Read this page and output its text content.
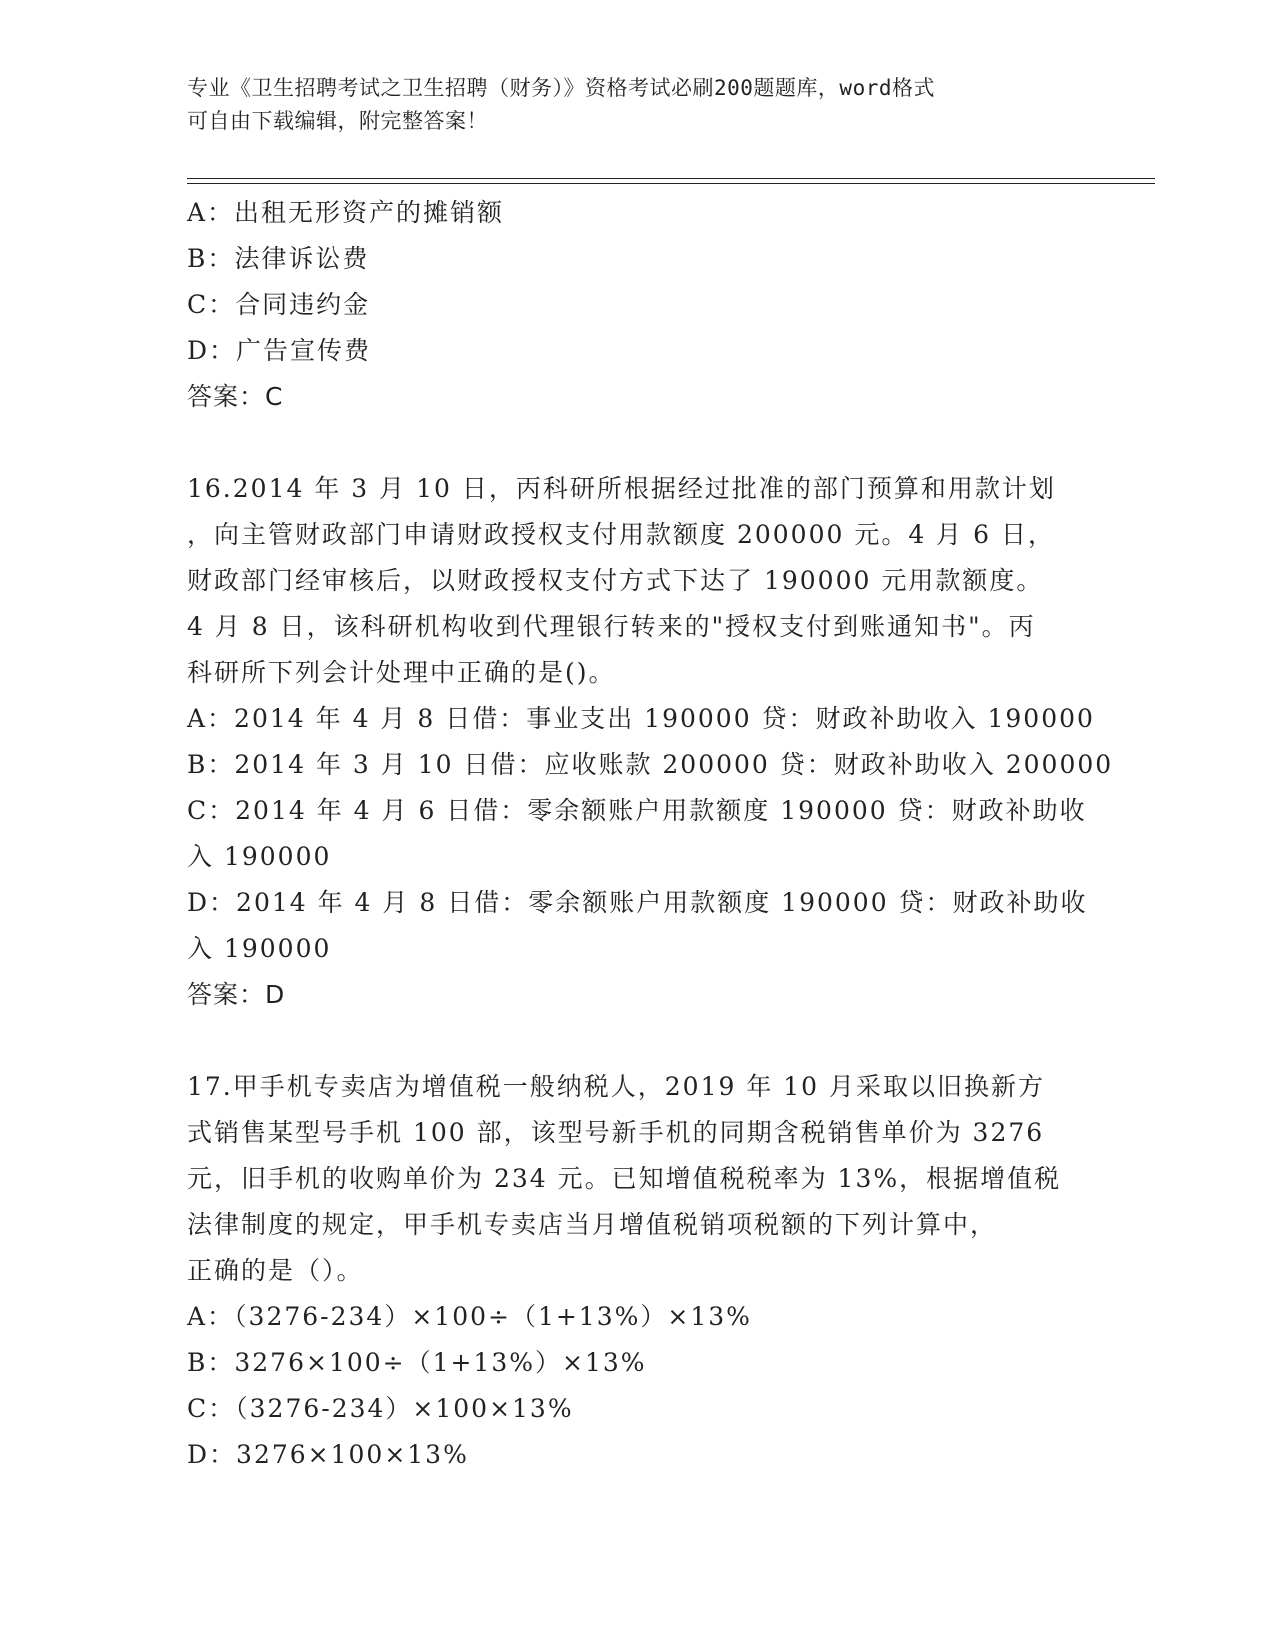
专业《卫生招聘考试之卫生招聘（财务）》资格考试必刷200题题库，word格式
可自由下载编辑，附完整答案！
A：出租无形资产的摊销额
B：法律诉讼费
C：合同违约金
D：广告宣传费
答案：C
16.2014 年 3 月 10 日，丙科研所根据经过批准的部门预算和用款计划
，向主管财政部门申请财政授权支付用款额度 200000 元。4 月 6 日，
财政部门经审核后，以财政授权支付方式下达了 190000 元用款额度。
4 月 8 日，该科研机构收到代理银行转来的"授权支付到账通知书"。丙
科研所下列会计处理中正确的是()。
A：2014 年 4 月 8 日借：事业支出 190000 贷：财政补助收入 190000
B：2014 年 3 月 10 日借：应收账款 200000 贷：财政补助收入 200000
C：2014 年 4 月 6 日借：零余额账户用款额度 190000 贷：财政补助收
入 190000
D：2014 年 4 月 8 日借：零余额账户用款额度 190000 贷：财政补助收
入 190000
答案：D
17.甲手机专卖店为增值税一般纳税人，2019 年 10 月采取以旧换新方
式销售某型号手机 100 部，该型号新手机的同期含税销售单价为 3276
元，旧手机的收购单价为 234 元。已知增值税税率为 13%，根据增值税
法律制度的规定，甲手机专卖店当月增值税销项税额的下列计算中，
正确的是（）。
A：（3276-234）×100÷（1+13%）×13%
B：3276×100÷（1+13%）×13%
C：（3276-234）×100×13%
D：3276×100×13%
